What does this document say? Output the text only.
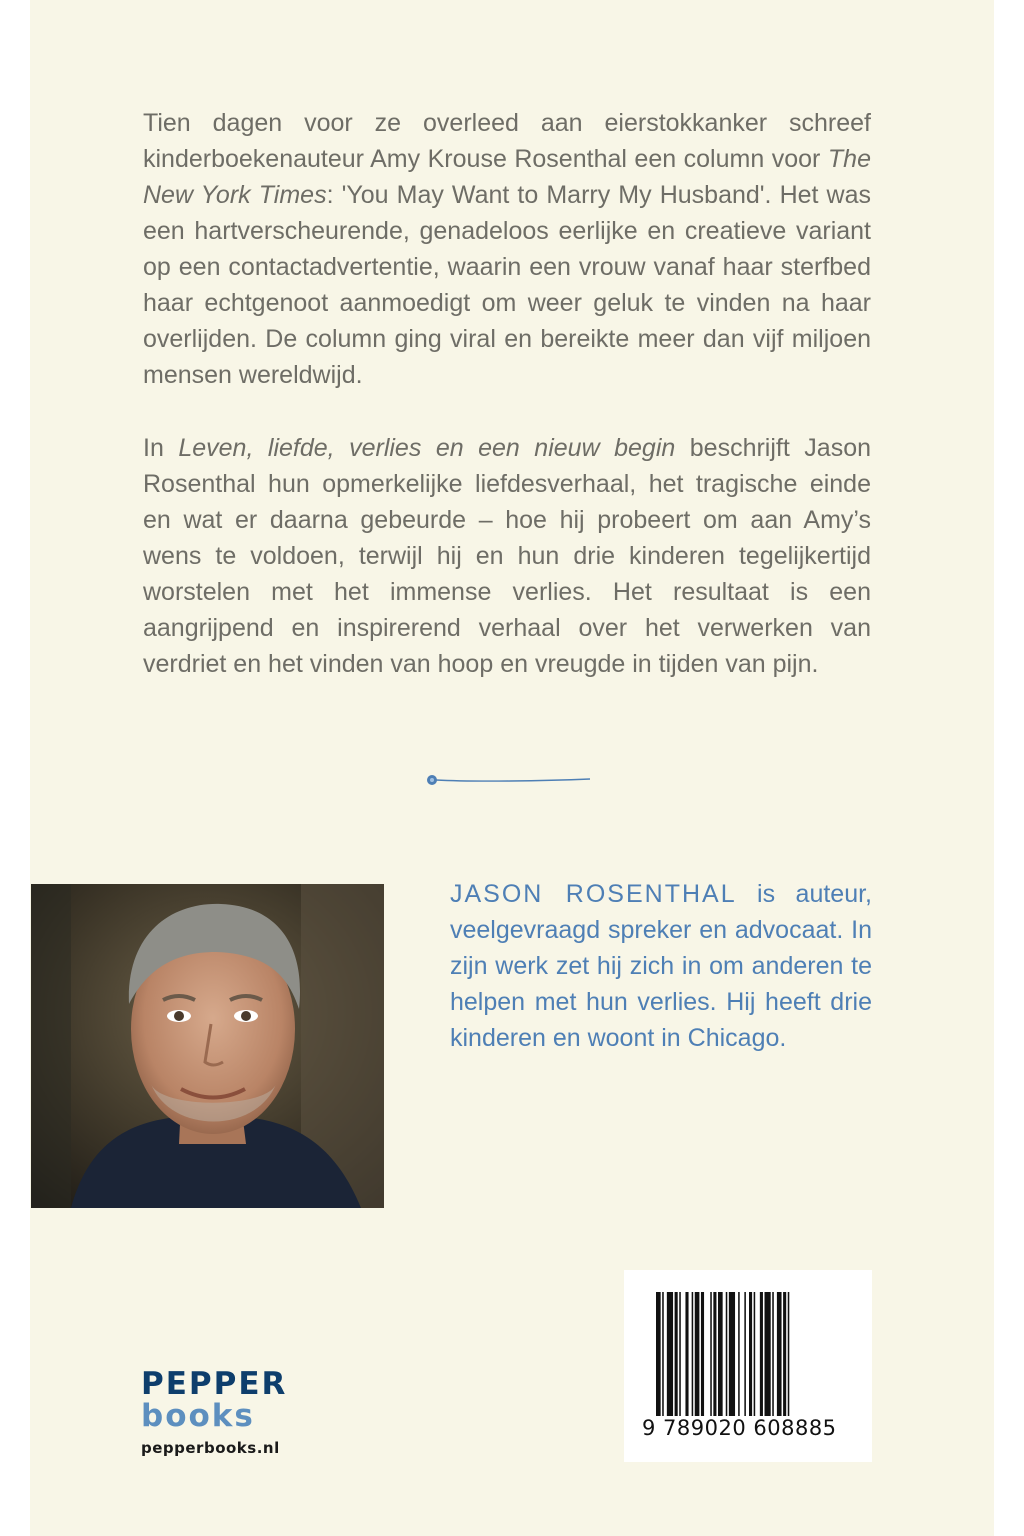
Tien dagen voor ze overleed aan eierstokkanker schreef kinderboekenauteur Amy Krouse Rosenthal een column voor The New York Times: 'You May Want to Marry My Husband'. Het was een hartverscheurende, genadeloos eerlijke en creatieve variant op een contactadvertentie, waarin een vrouw vanaf haar sterfbed haar echtgenoot aanmoedigt om weer geluk te vinden na haar overlijden. De column ging viral en bereikte meer dan vijf miljoen mensen wereldwijd.

In Leven, liefde, verlies en een nieuw begin beschrijft Jason Rosenthal hun opmerkelijke liefdesverhaal, het tragische einde en wat er daarna gebeurde – hoe hij probeert om aan Amy’s wens te voldoen, terwijl hij en hun drie kinderen tegelijkertijd worstelen met het immense verlies. Het resultaat is een aangrijpend en inspirerend verhaal over het verwerken van verdriet en het vinden van hoop en vreugde in tijden van pijn.

JASON ROSENTHAL is auteur, veelgevraagd spreker en advocaat. In zijn werk zet hij zich in om anderen te helpen met hun verlies. Hij heeft drie kinderen en woont in Chicago.

PEPPER
books
pepperbooks.nl
9 789020 608885
